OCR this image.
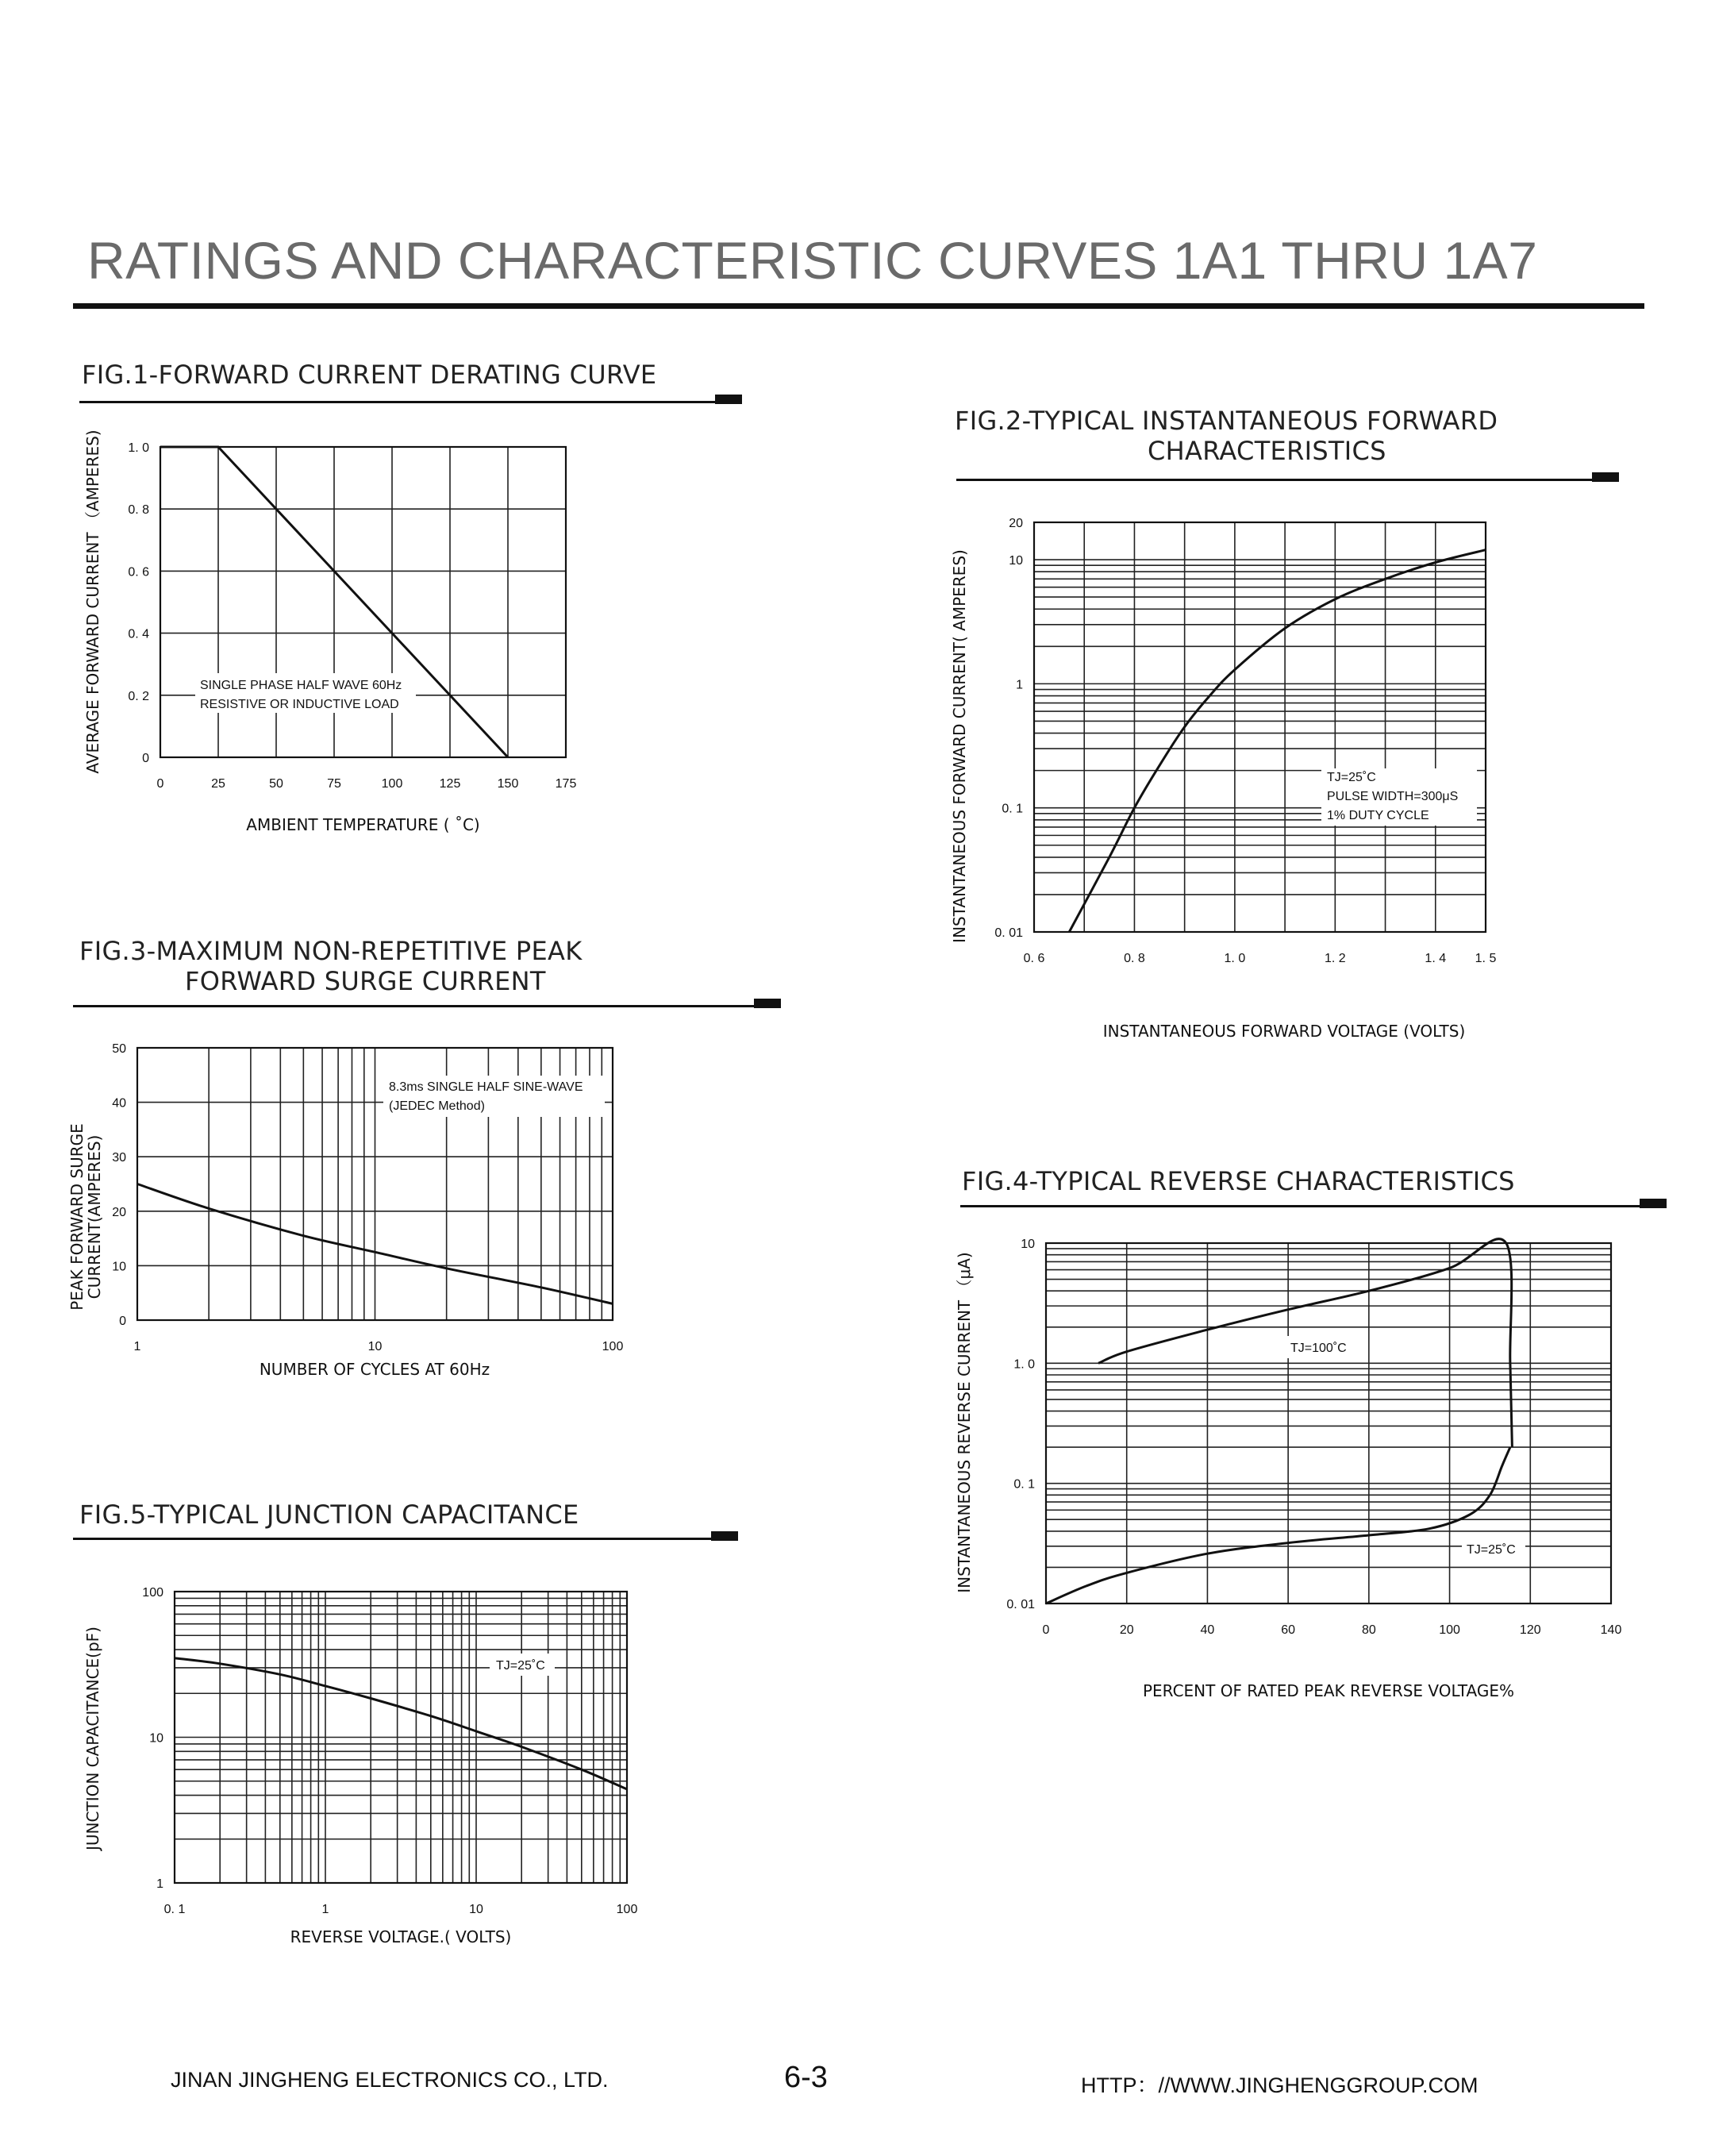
RATINGS AND CHARACTERISTIC CURVES 1A1 THRU 1A7
FIG.1-FORWARD CURRENT DERATING CURVE
FIG.2-TYPICAL INSTANTANEOUS FORWARD
CHARACTERISTICS
FIG.3-MAXIMUM NON-REPETITIVE PEAK
FORWARD SURGE CURRENT
FIG.4-TYPICAL REVERSE CHARACTERISTICS
FIG.5-TYPICAL JUNCTION CAPACITANCE
0	25	50	75	100	125	150	175
0
0. 2
0. 4
0. 6
0. 8
1. 0
SINGLE PHASE HALF WAVE 60Hz
RESISTIVE OR INDUCTIVE LOAD
AMBIENT TEMPERATURE ( ˚C)
AVERAGE FORWARD CURRENT （AMPERES)
0. 6	0. 8	1. 0	1. 2	1. 4 1. 5
0. 01
0. 1
1
10
20
TJ=25˚C
PULSE WIDTH=300μS
1% DUTY CYCLE
INSTANTANEOUS FORWARD VOLTAGE (VOLTS)
INSTANTANEOUS FORWARD CURRENT( AMPERES)
1	10	100
0
10
20
30
40
50
8.3ms SINGLE HALF SINE-WAVE
(JEDEC Method)
NUMBER OF CYCLES AT 60Hz
PEAK FORWARD SURGE
CURRENT(AMPERES)
0	20	40	60	80	100	120	140
0. 01
0. 1
1. 0
10
TJ=100˚C
TJ=25˚C
PERCENT OF RATED PEAK REVERSE VOLTAGE%
INSTANTANEOUS REVERSE CURRENT （μA)
0. 1	1	10	100
1
10
100
TJ=25˚C
REVERSE VOLTAGE.( VOLTS)
JUNCTION CAPACITANCE(pF)
JINAN JINGHENG ELECTRONICS CO., LTD.	6-3	HTTP：//WWW.JINGHENGGROUP.COM
